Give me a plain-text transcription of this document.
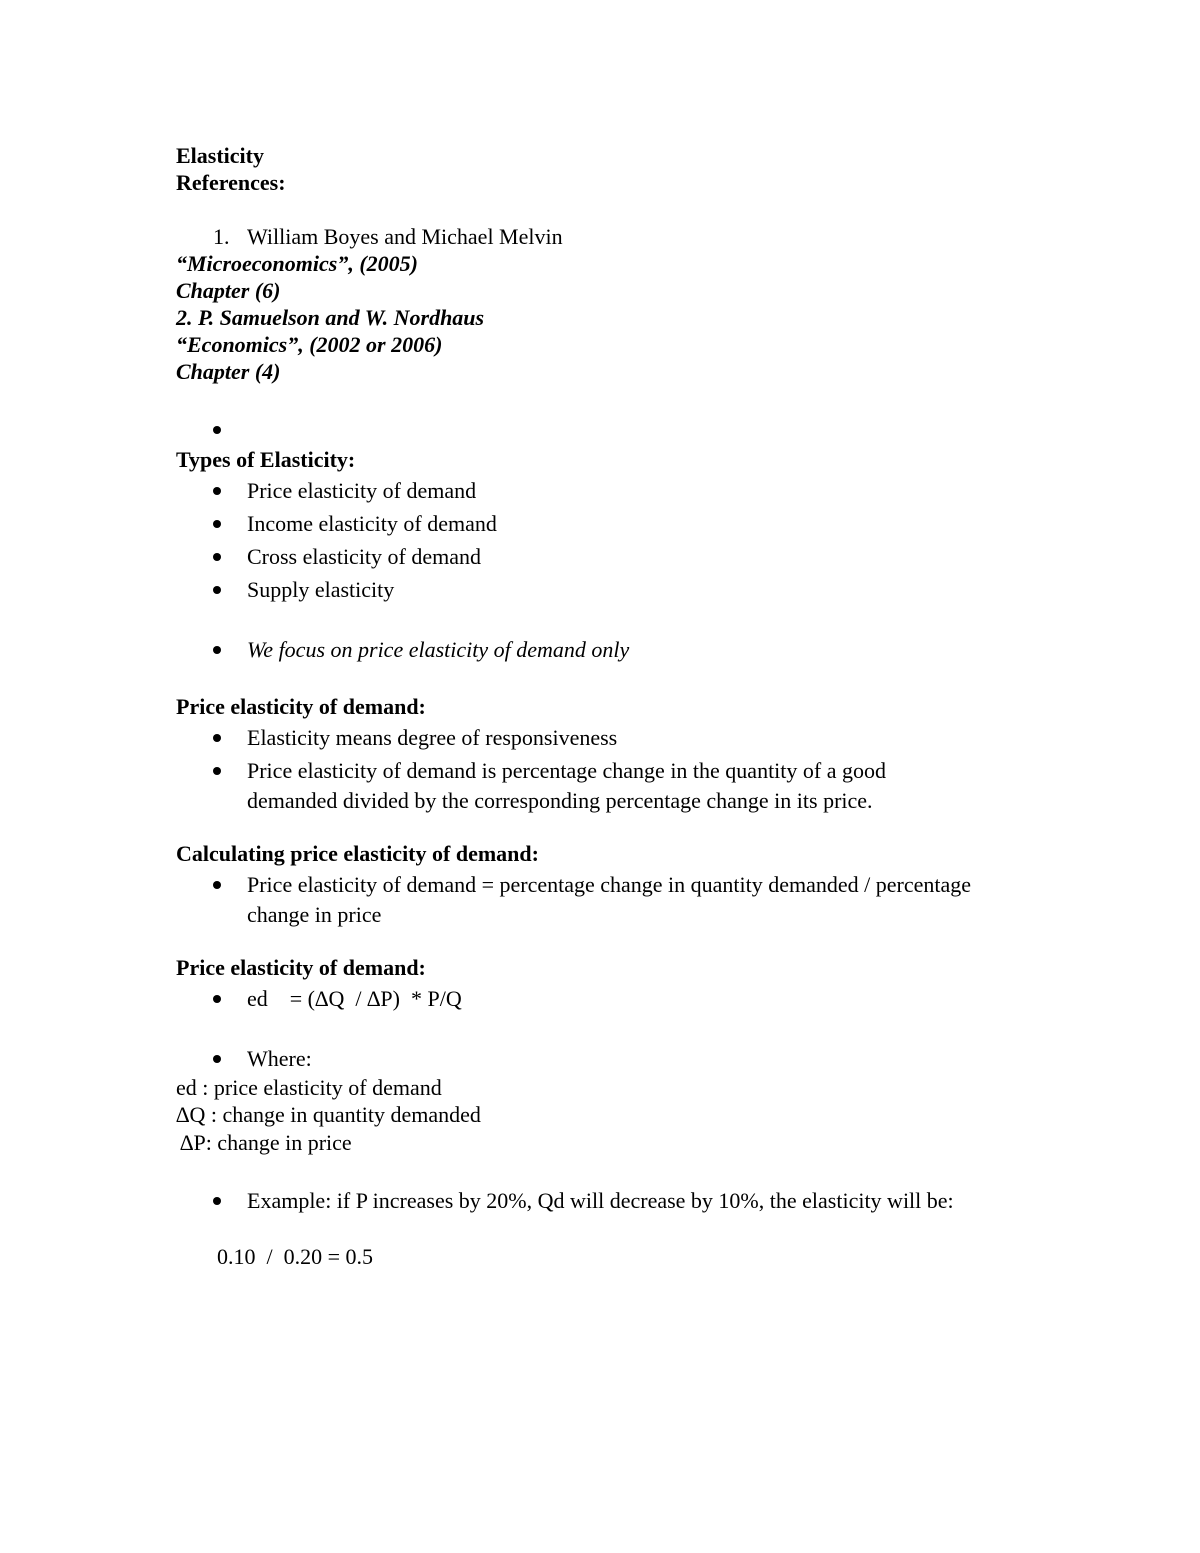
Elasticity
References:
1. William Boyes and Michael Melvin
“Microeconomics”, (2005)
Chapter (6)
2. P. Samuelson and W. Nordhaus
“Economics”, (2002 or 2006)
Chapter (4)
Types of Elasticity:
Price elasticity of demand
Income elasticity of demand
Cross elasticity of demand
Supply elasticity
We focus on price elasticity of demand only
Price elasticity of demand:
Elasticity means degree of responsiveness
Price elasticity of demand is percentage change in the quantity of a good
demanded divided by the corresponding percentage change in its price.
Calculating price elasticity of demand:
Price elasticity of demand = percentage change in quantity demanded / percentage
change in price
Price elasticity of demand:
ed    = (∆Q  / ∆P)  * P/Q
Where:
ed : price elasticity of demand
∆Q : change in quantity demanded
∆P: change in price
Example: if P increases by 20%, Qd will decrease by 10%, the elasticity will be:
0.10  /  0.20 = 0.5
